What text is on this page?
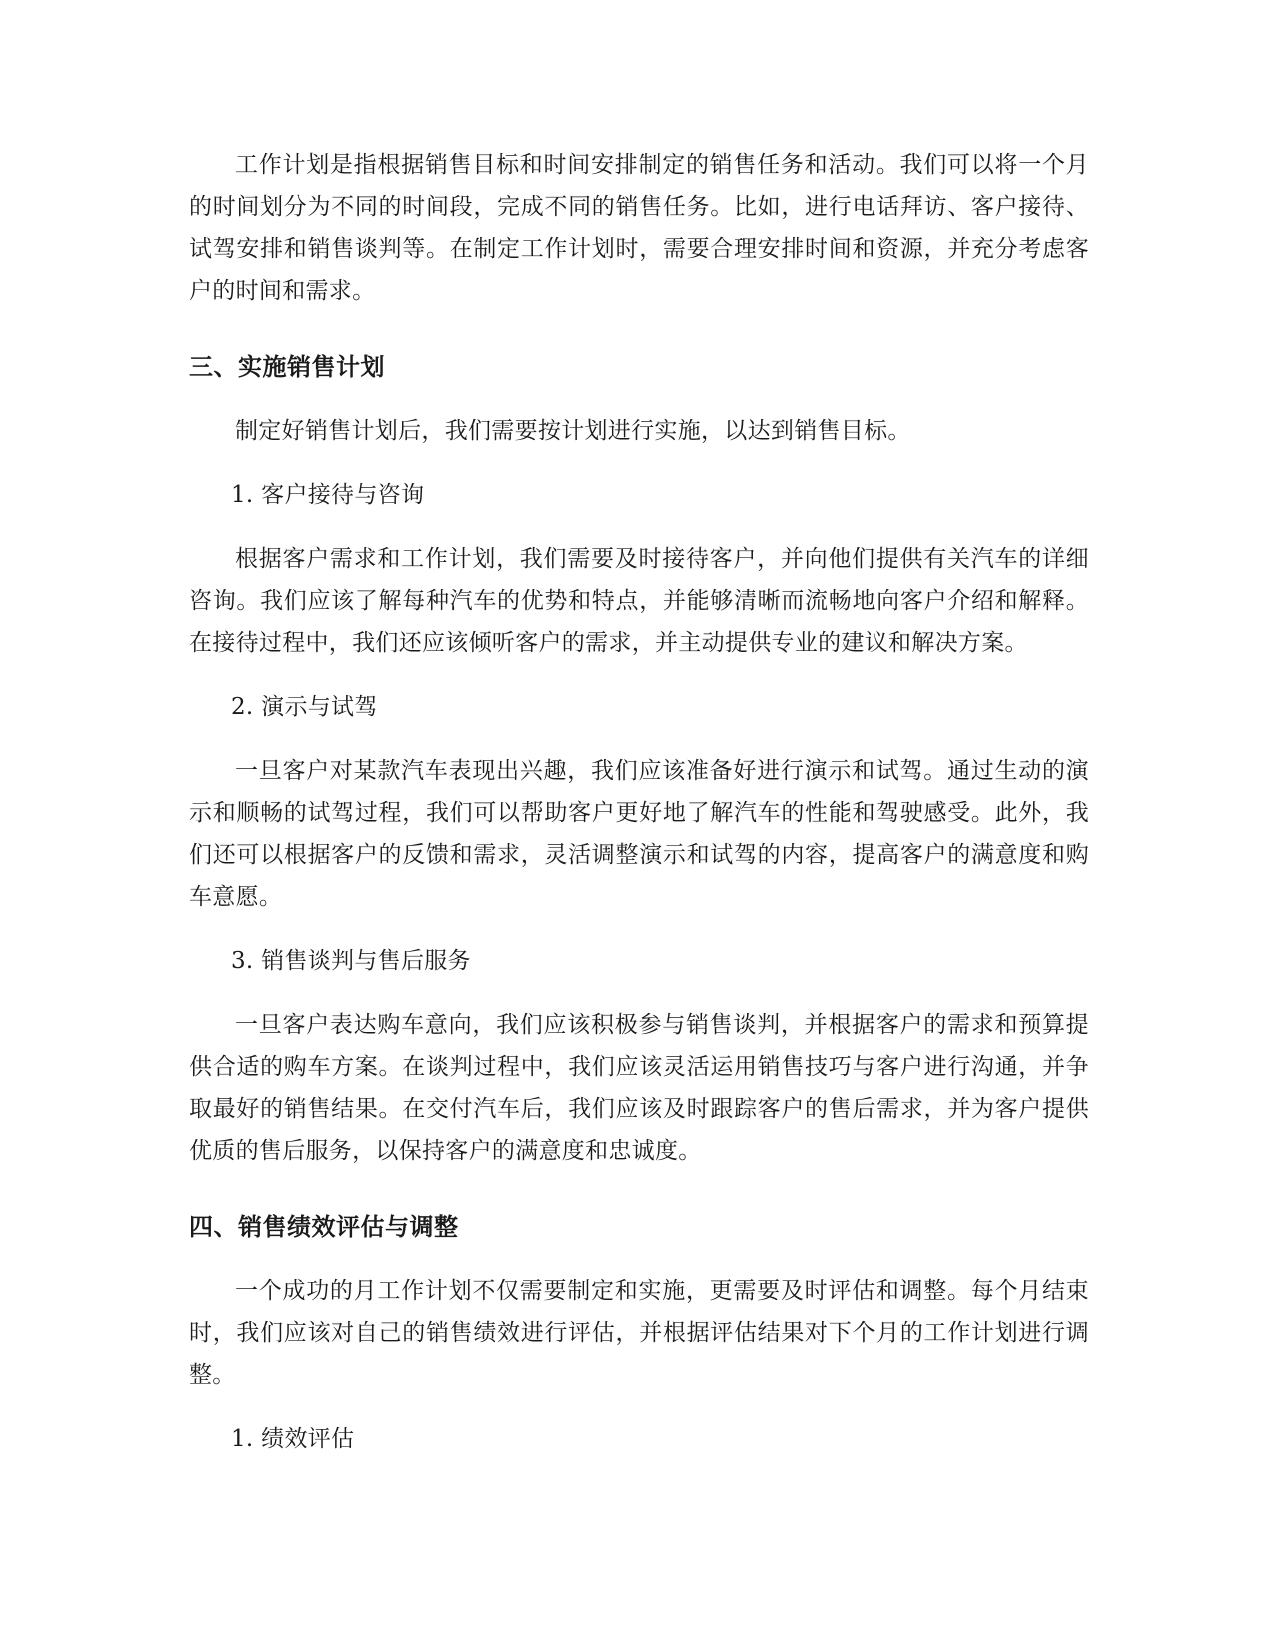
工作计划是指根据销售目标和时间安排制定的销售任务和活动。我们可以将一个月的时间划分为不同的时间段，完成不同的销售任务。比如，进行电话拜访、客户接待、试驾安排和销售谈判等。在制定工作计划时，需要合理安排时间和资源，并充分考虑客户的时间和需求。

三、实施销售计划

制定好销售计划后，我们需要按计划进行实施，以达到销售目标。

1. 客户接待与咨询

根据客户需求和工作计划，我们需要及时接待客户，并向他们提供有关汽车的详细咨询。我们应该了解每种汽车的优势和特点，并能够清晰而流畅地向客户介绍和解释。在接待过程中，我们还应该倾听客户的需求，并主动提供专业的建议和解决方案。

2. 演示与试驾

一旦客户对某款汽车表现出兴趣，我们应该准备好进行演示和试驾。通过生动的演示和顺畅的试驾过程，我们可以帮助客户更好地了解汽车的性能和驾驶感受。此外，我们还可以根据客户的反馈和需求，灵活调整演示和试驾的内容，提高客户的满意度和购车意愿。

3. 销售谈判与售后服务

一旦客户表达购车意向，我们应该积极参与销售谈判，并根据客户的需求和预算提供合适的购车方案。在谈判过程中，我们应该灵活运用销售技巧与客户进行沟通，并争取最好的销售结果。在交付汽车后，我们应该及时跟踪客户的售后需求，并为客户提供优质的售后服务，以保持客户的满意度和忠诚度。

四、销售绩效评估与调整

一个成功的月工作计划不仅需要制定和实施，更需要及时评估和调整。每个月结束时，我们应该对自己的销售绩效进行评估，并根据评估结果对下个月的工作计划进行调整。

1. 绩效评估
